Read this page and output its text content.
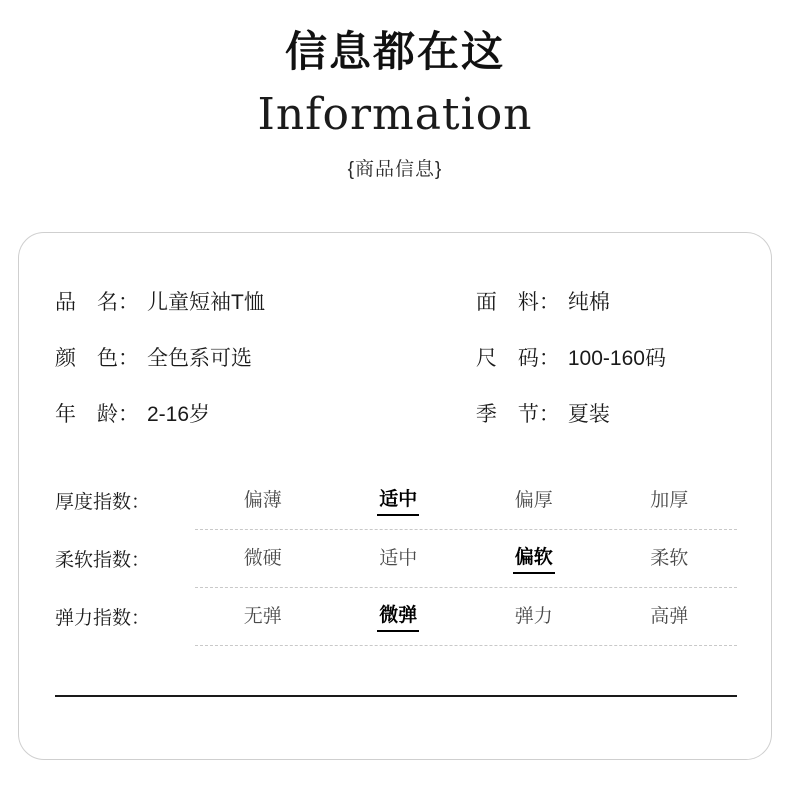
信息都在这
Information
{商品信息}
品　名 ： 儿童短袖T恤	面　料 ： 纯棉
颜　色 ： 全色系可选	尺　码 ： 100-160码
年　龄 ： 2-16岁	季　节 ： 夏装
厚度指数：	偏薄	适中	偏厚	加厚
柔软指数：	微硬	适中	偏软	柔软
弹力指数：	无弹	微弹	弹力	高弹
